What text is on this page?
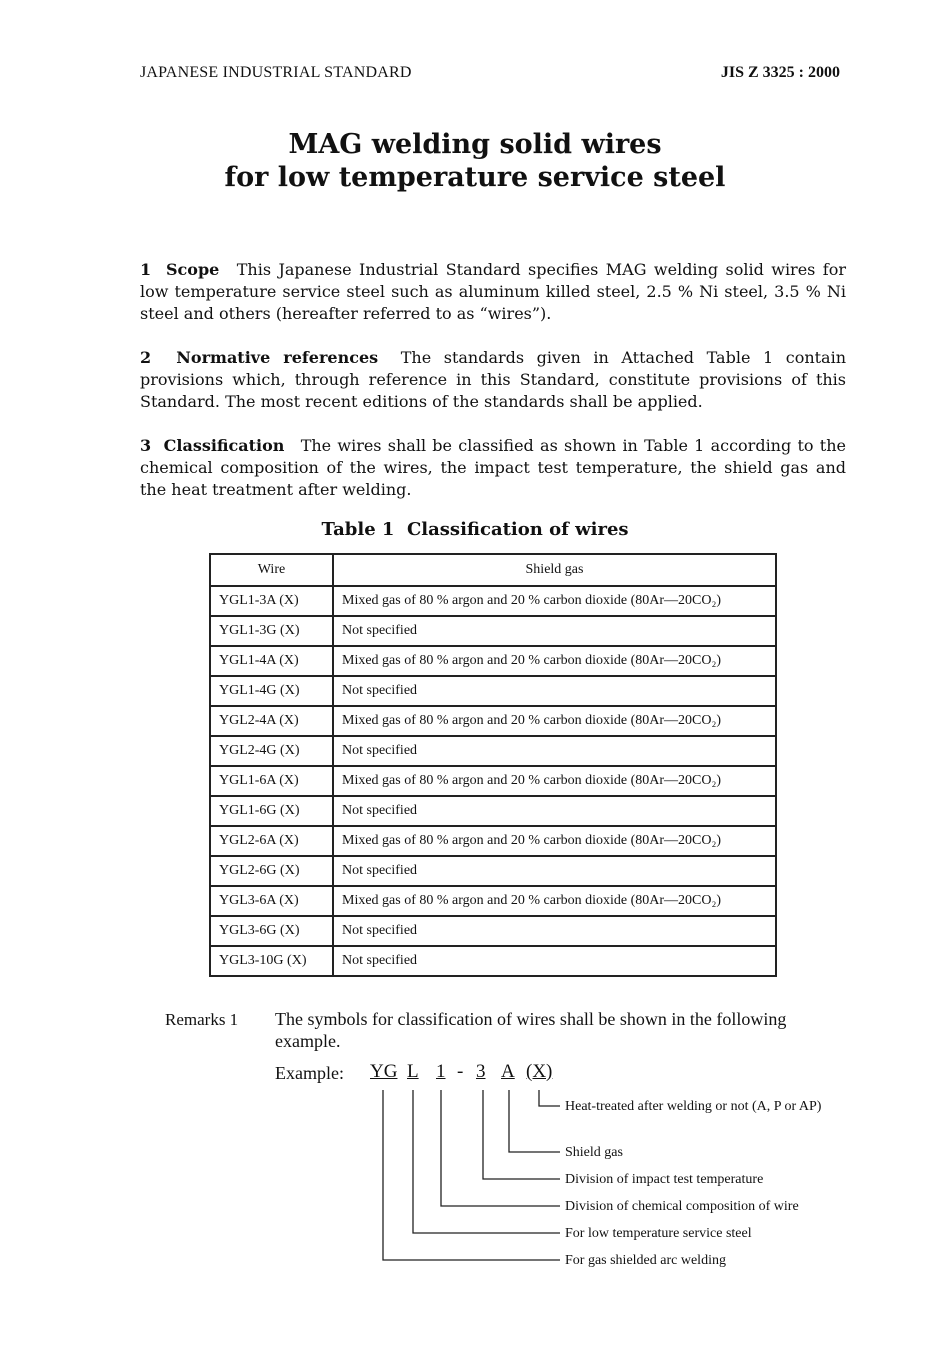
JAPANESE INDUSTRIAL STANDARD	JIS Z 3325 : 2000
MAG welding solid wires
for low temperature service steel
1 Scope This Japanese Industrial Standard specifies MAG welding solid wires for low temperature service steel such as aluminum killed steel, 2.5 % Ni steel, 3.5 % Ni steel and others (hereafter referred to as “wires”).
2 Normative references The standards given in Attached Table 1 contain provisions which, through reference in this Standard, constitute provisions of this Standard. The most recent editions of the standards shall be applied.
3 Classification The wires shall be classified as shown in Table 1 according to the chemical composition of the wires, the impact test temperature, the shield gas and the heat treatment after welding.
Table 1  Classification of wires
Wire	Shield gas
YGL1-3A (X)	Mixed gas of 80 % argon and 20 % carbon dioxide (80Ar—20CO₂)
YGL1-3G (X)	Not specified
YGL1-4A (X)	Mixed gas of 80 % argon and 20 % carbon dioxide (80Ar—20CO₂)
YGL1-4G (X)	Not specified
YGL2-4A (X)	Mixed gas of 80 % argon and 20 % carbon dioxide (80Ar—20CO₂)
YGL2-4G (X)	Not specified
YGL1-6A (X)	Mixed gas of 80 % argon and 20 % carbon dioxide (80Ar—20CO₂)
YGL1-6G (X)	Not specified
YGL2-6A (X)	Mixed gas of 80 % argon and 20 % carbon dioxide (80Ar—20CO₂)
YGL2-6G (X)	Not specified
YGL3-6A (X)	Mixed gas of 80 % argon and 20 % carbon dioxide (80Ar—20CO₂)
YGL3-6G (X)	Not specified
YGL3-10G (X)	Not specified
Remarks 1 The symbols for classification of wires shall be shown in the following example.
Example: YG L 1 - 3 A (X)
Heat-treated after welding or not (A, P or AP)
Shield gas
Division of impact test temperature
Division of chemical composition of wire
For low temperature service steel
For gas shielded arc welding
